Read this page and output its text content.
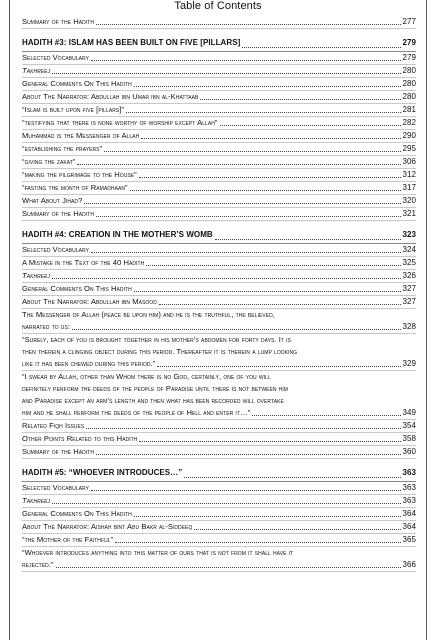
Table of Contents
Summary of the Hadith	277
HADITH #3: ISLAM HAS BEEN BUILT ON FIVE [PILLARS]	279
Selected Vocabulary	279
Takhreej	280
General Comments On This Hadith	280
About The Narrator: Abdullah ibn Umar ibn al-Khattaab	280
“Islam is built upon five [pillars]”	281
“testifying that there is none worthy of worship except Allah”	282
Muhammad is the Messenger of Allah	290
“establishing the prayers”	295
“giving the zakat”	306
“making the pilgrimage to the House”	312
“fasting the month of Ramadhaan”	317
What About Jihad?	320
Summary of the Hadith	321
HADITH #4: CREATION IN THE MOTHER’S WOMB	323
Selected Vocabulary	324
A Mistake in the Text of the 40 Hadith	325
Takhreej	326
General Comments On This Hadith	327
About The Narrator: Abdullah ibn Masood	327
The Messenger of Allah (peace be upon him) and he is the truthful, the believed,
narrated to us:	328
“Surely, each of you is brought together in his mother’s abdomen for forty days. It is
then therein a clinging object during this period. Thereafter it is therein a lump looking
like it has been chewed during this period.”	329
“I swear by Allah, other than Whom there is no God, certainly, one of you will
definitely perform the deeds of the people of Paradise until there is not between him
and Paradise except an arm’s length and then what has been recorded will overtake
him and he shall perform the deeds of the people of Hell and enter it…”	349
Related Fiqh Issues	354
Other Points Related to this Hadith	358
Summary of the Hadith	360
HADITH #5: “WHOEVER INTRODUCES…”	363
Selected Vocabulary	363
Takhreej	363
General Comments On This Hadith	364
About The Narrator: Aishah bint Abu Bakr al-Siddeeq	364
“the Mother of the Faithful”	365
“Whoever introduces anything into this matter of ours that is not from it shall have it
rejected.”	366
